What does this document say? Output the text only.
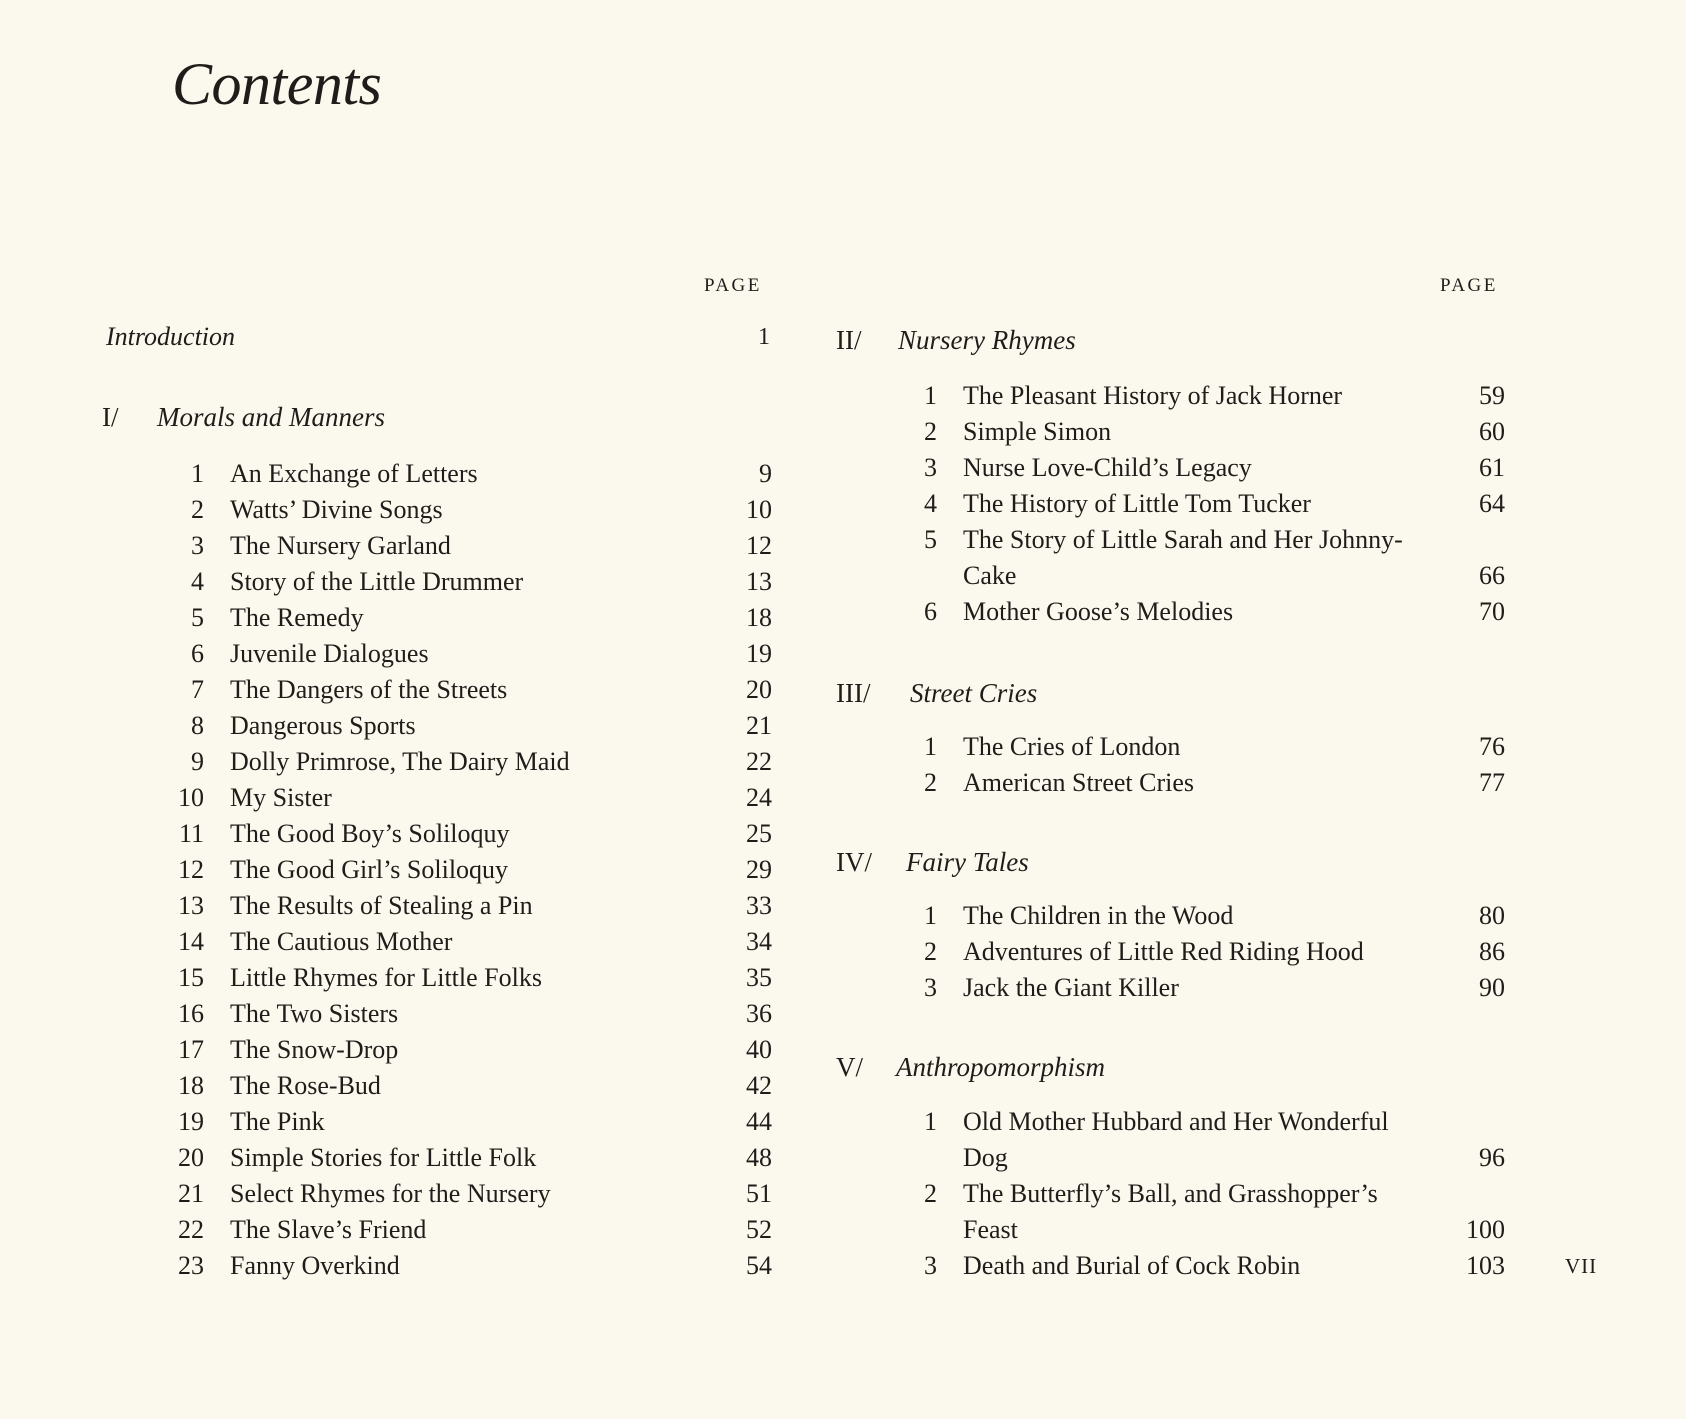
Contents
PAGE	PAGE
Introduction	1
I/ Morals and Manners
1 An Exchange of Letters	9
2 Watts’ Divine Songs	10
3 The Nursery Garland	12
4 Story of the Little Drummer	13
5 The Remedy	18
6 Juvenile Dialogues	19
7 The Dangers of the Streets	20
8 Dangerous Sports	21
9 Dolly Primrose, The Dairy Maid	22
10 My Sister	24
11 The Good Boy’s Soliloquy	25
12 The Good Girl’s Soliloquy	29
13 The Results of Stealing a Pin	33
14 The Cautious Mother	34
15 Little Rhymes for Little Folks	35
16 The Two Sisters	36
17 The Snow-Drop	40
18 The Rose-Bud	42
19 The Pink	44
20 Simple Stories for Little Folk	48
21 Select Rhymes for the Nursery	51
22 The Slave’s Friend	52
23 Fanny Overkind	54
II/ Nursery Rhymes
1 The Pleasant History of Jack Horner	59
2 Simple Simon	60
3 Nurse Love-Child’s Legacy	61
4 The History of Little Tom Tucker	64
5 The Story of Little Sarah and Her Johnny-Cake	66
6 Mother Goose’s Melodies	70
III/ Street Cries
1 The Cries of London	76
2 American Street Cries	77
IV/ Fairy Tales
1 The Children in the Wood	80
2 Adventures of Little Red Riding Hood	86
3 Jack the Giant Killer	90
V/ Anthropomorphism
1 Old Mother Hubbard and Her Wonderful Dog	96
2 The Butterfly’s Ball, and Grasshopper’s Feast	100
3 Death and Burial of Cock Robin	103	VII
